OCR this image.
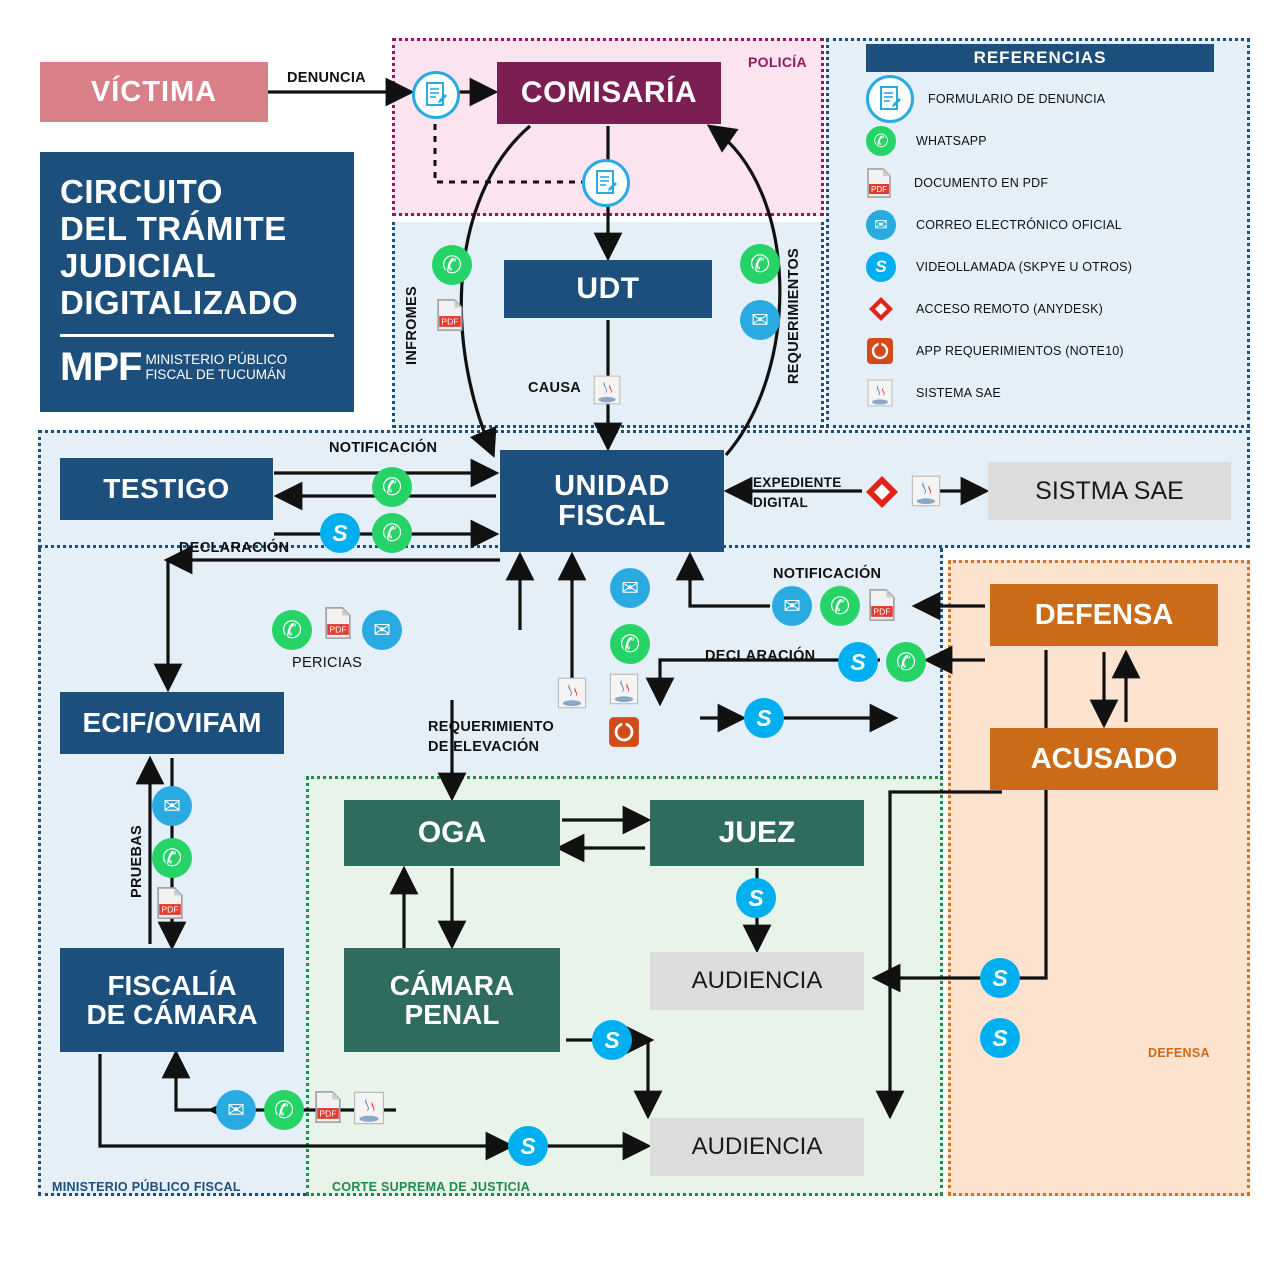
POLICÍA
MINISTERIO PÚBLICO FISCAL	CORTE SUPREMA DE JUSTICIA
DEFENSA
CIRCUITO
DEL TRÁMITE
JUDICIAL
DIGITALIZADO
MPF MINISTERIO PÚBLICO
FISCAL DE TUCUMÁN
REFERENCIAS
FORMULARIO DE DENUNCIA
✆	WHATSAPP
PDF DOCUMENTO EN PDF
✉	CORREO ELECTRÓNICO OFICIAL
S	VIDEOLLAMADA (SKPYE U OTROS)
ACCESO REMOTO (ANYDESK)
APP REQUERIMIENTOS (NOTE10)
SISTEMA SAE
VÍCTIMA	COMISARÍA
UDT
TESTIGO	UNIDAD
FISCAL
SISTMA SAE
ECIF/OVIFAM
FISCALÍA
DE CÁMARA
OGA	JUEZ
CÁMARA
PENAL
AUDIENCIA
AUDIENCIA
DEFENSA
ACUSADO
DENUNCIA
INFROMES	REQUERIMIENTOS
CAUSA
NOTIFICACIÓN
DECLARACIÓN
EXPEDIENTE
DIGITAL
PERICIAS
PRUEBAS
REQUERIMIENTO
DE ELEVACIÓN
NOTIFICACIÓN
DECLARACIÓN
✆
PDF
✆
✉
✆
S	✆
✆	PDF	✉
✉
✆
✉	✆	PDF
S	✆
S
✉
✆
PDF	S
S
S
S
S
✉	✆	PDF
